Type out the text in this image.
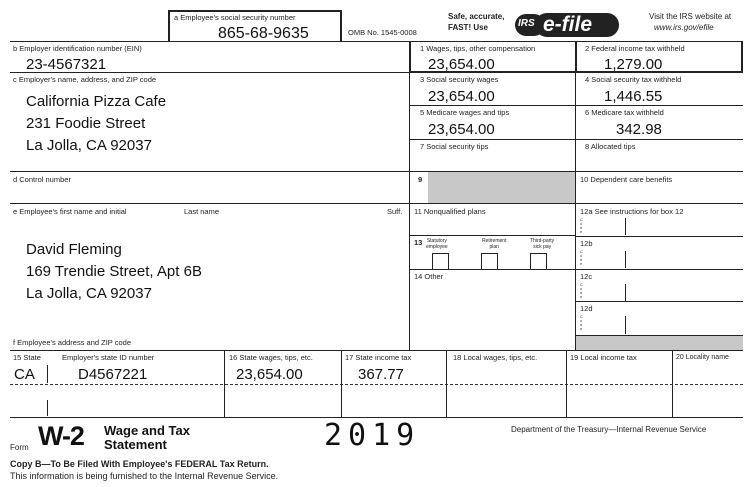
a Employee's social security number
865-68-9635	OMB No. 1545-0008
Safe, accurate,
FAST! Use	IRS e-file	Visit the IRS website at
www.irs.gov/efile
b Employer identification number (EIN)
23-4567321
c Employer's name, address, and ZIP code
California Pizza Cafe
231 Foodie Street
La Jolla, CA 92037
d Control number
e Employee's first name and initial	Last name	Suff.
David Fleming
169 Trendie Street, Apt 6B
La Jolla, CA 92037
f Employee's address and ZIP code
1 Wages, tips, other compensation
23,654.00
2 Federal income tax withheld
1,279.00
3 Social security wages
23,654.00
4 Social security tax withheld
1,446.55
5 Medicare wages and tips
23,654.00
6 Medicare tax withheld
342.98
7 Social security tips	8 Allocated tips
9	10 Dependent care benefits
11 Nonqualified plans	12a See instructions for box 12
13 Statutory
employee
Retirement
plan
Third-party
sick pay
14 Other
12b
12c
12d
Code
Code
Code
Code
15 State	Employer's state ID number	16 State wages, tips, etc.	17 State income tax	18 Local wages, tips, etc.	19 Local income tax	20 Locality name
CA	D4567221	23,654.00	367.77
Form W-2 Wage and Tax
Statement	2019	Department of the Treasury—Internal Revenue Service
Copy B—To Be Filed With Employee's FEDERAL Tax Return.
This information is being furnished to the Internal Revenue Service.
